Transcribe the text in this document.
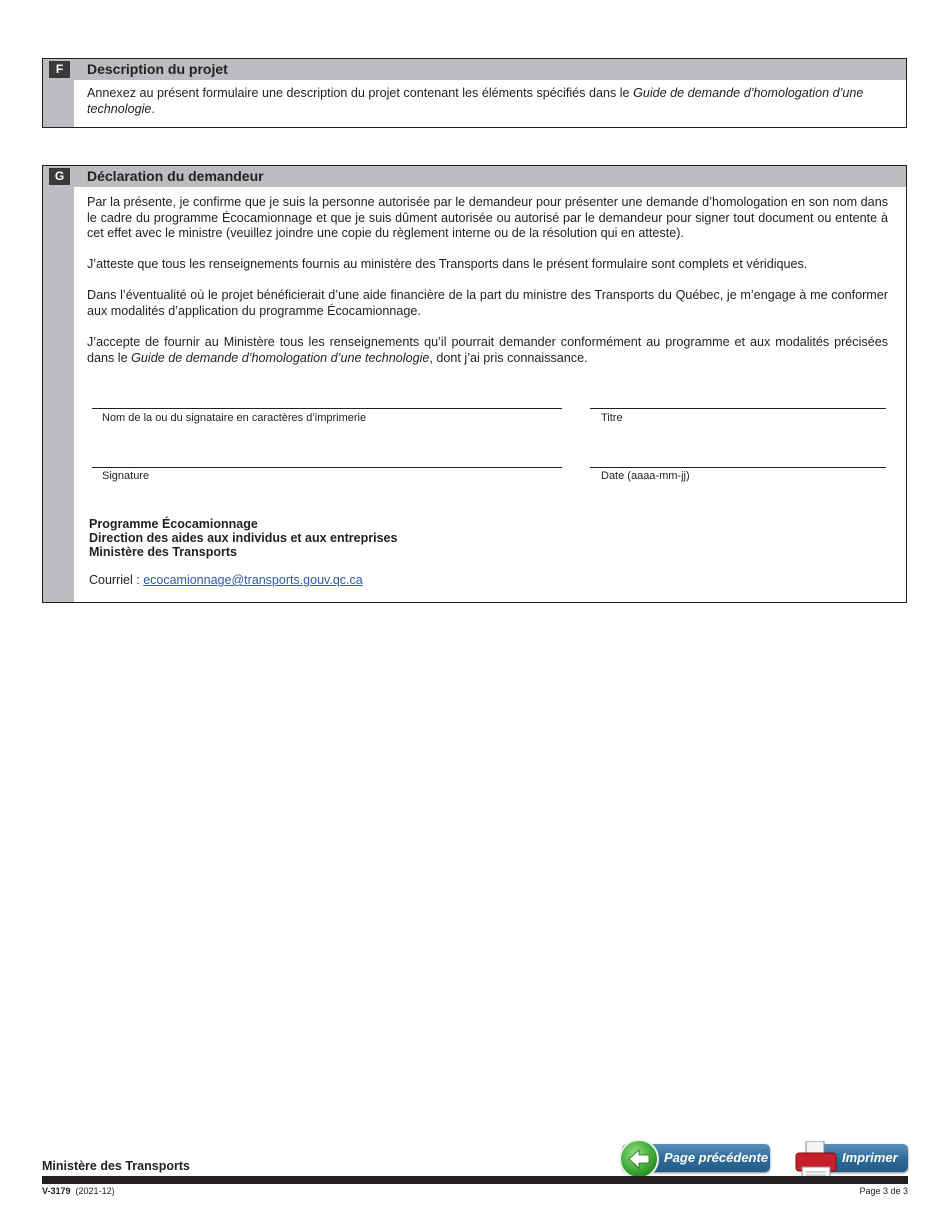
F	Description du projet
Annexez au présent formulaire une description du projet contenant les éléments spécifiés dans le Guide de demande d’homologation d’une technologie.
G	Déclaration du demandeur

Par la présente, je confirme que je suis la personne autorisée par le demandeur pour présenter une demande d’homologation en son nom dans le cadre du programme Écocamionnage et que je suis dûment autorisée ou autorisé par le demandeur pour signer tout document ou entente à cet effet avec le ministre (veuillez joindre une copie du règlement interne ou de la résolution qui en atteste).

J’atteste que tous les renseignements fournis au ministère des Transports dans le présent formulaire sont complets et véridiques.

Dans l’éventualité où le projet bénéficierait d’une aide financière de la part du ministre des Transports du Québec, je m’engage à me conformer aux modalités d’application du programme Écocamionnage.

J’accepte de fournir au Ministère tous les renseignements qu’il pourrait demander conformément au programme et aux modalités précisées dans le Guide de demande d’homologation d’une technologie, dont j’ai pris connaissance.

Nom de la ou du signataire en caractères d’imprimerie	Titre
Signature	Date (aaaa-mm-jj)
Programme Écocamionnage
Direction des aides aux individus et aux entreprises
Ministère des Transports
Courriel : ecocamionnage@transports.gouv.qc.ca
Page précédente	Imprimer
Ministère des Transports
V-3179 (2021-12)	Page 3 de 3
